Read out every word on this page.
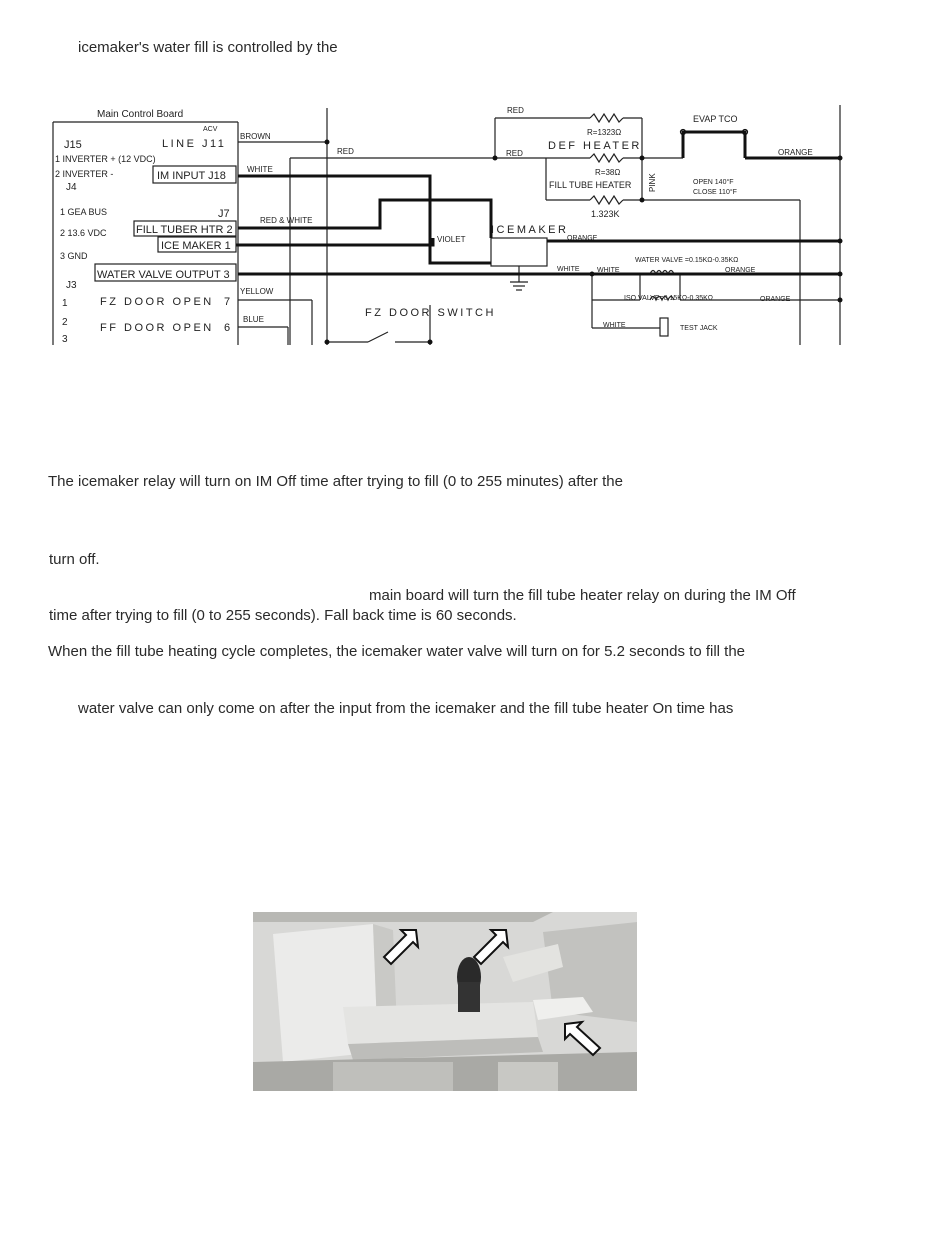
icemaker's water fill is controlled by the
Main Control Board
ACV
J15
1 INVERTER + (12 VDC)
2 INVERTER -
J4
1 GEA BUS
2 13.6 VDC
3 GND
J3
1
2
3
LINE J11
IM INPUT J18
J7
FILL TUBER HTR 2
ICE MAKER 1
WATER VALVE OUTPUT 3
FZ DOOR OPEN 7
FF DOOR OPEN 6
BROWN
WHITE
RED & WHITE
YELLOW
BLUE
RED
RED	RED
VIOLET
R=1323Ω
DEF HEATER
R=38Ω
FILL TUBE HEATER
1.323K
PINK
EVAP TCO
OPEN 140°F
CLOSE 110°F
ORANGE
ICEMAKER
ORANGE
WHITE WHITE
WATER VALVE =0.15KΩ-0.35KΩ
ORANGE
ISO VALVE=0.15KΩ-0.35KΩ	ORANGE
WHITE	TEST JACK
FZ DOOR SWITCH
The icemaker relay will turn on IM Off time after trying to fill (0 to 255 minutes) after the
turn off.
main board will turn the fill tube heater relay on during the IM Off
time after trying to fill (0 to 255 seconds). Fall back time is 60 seconds.
When the fill tube heating cycle completes, the icemaker water valve will turn on for 5.2 seconds to fill the
water valve can only come on after the input from the icemaker and the fill tube heater On time has
